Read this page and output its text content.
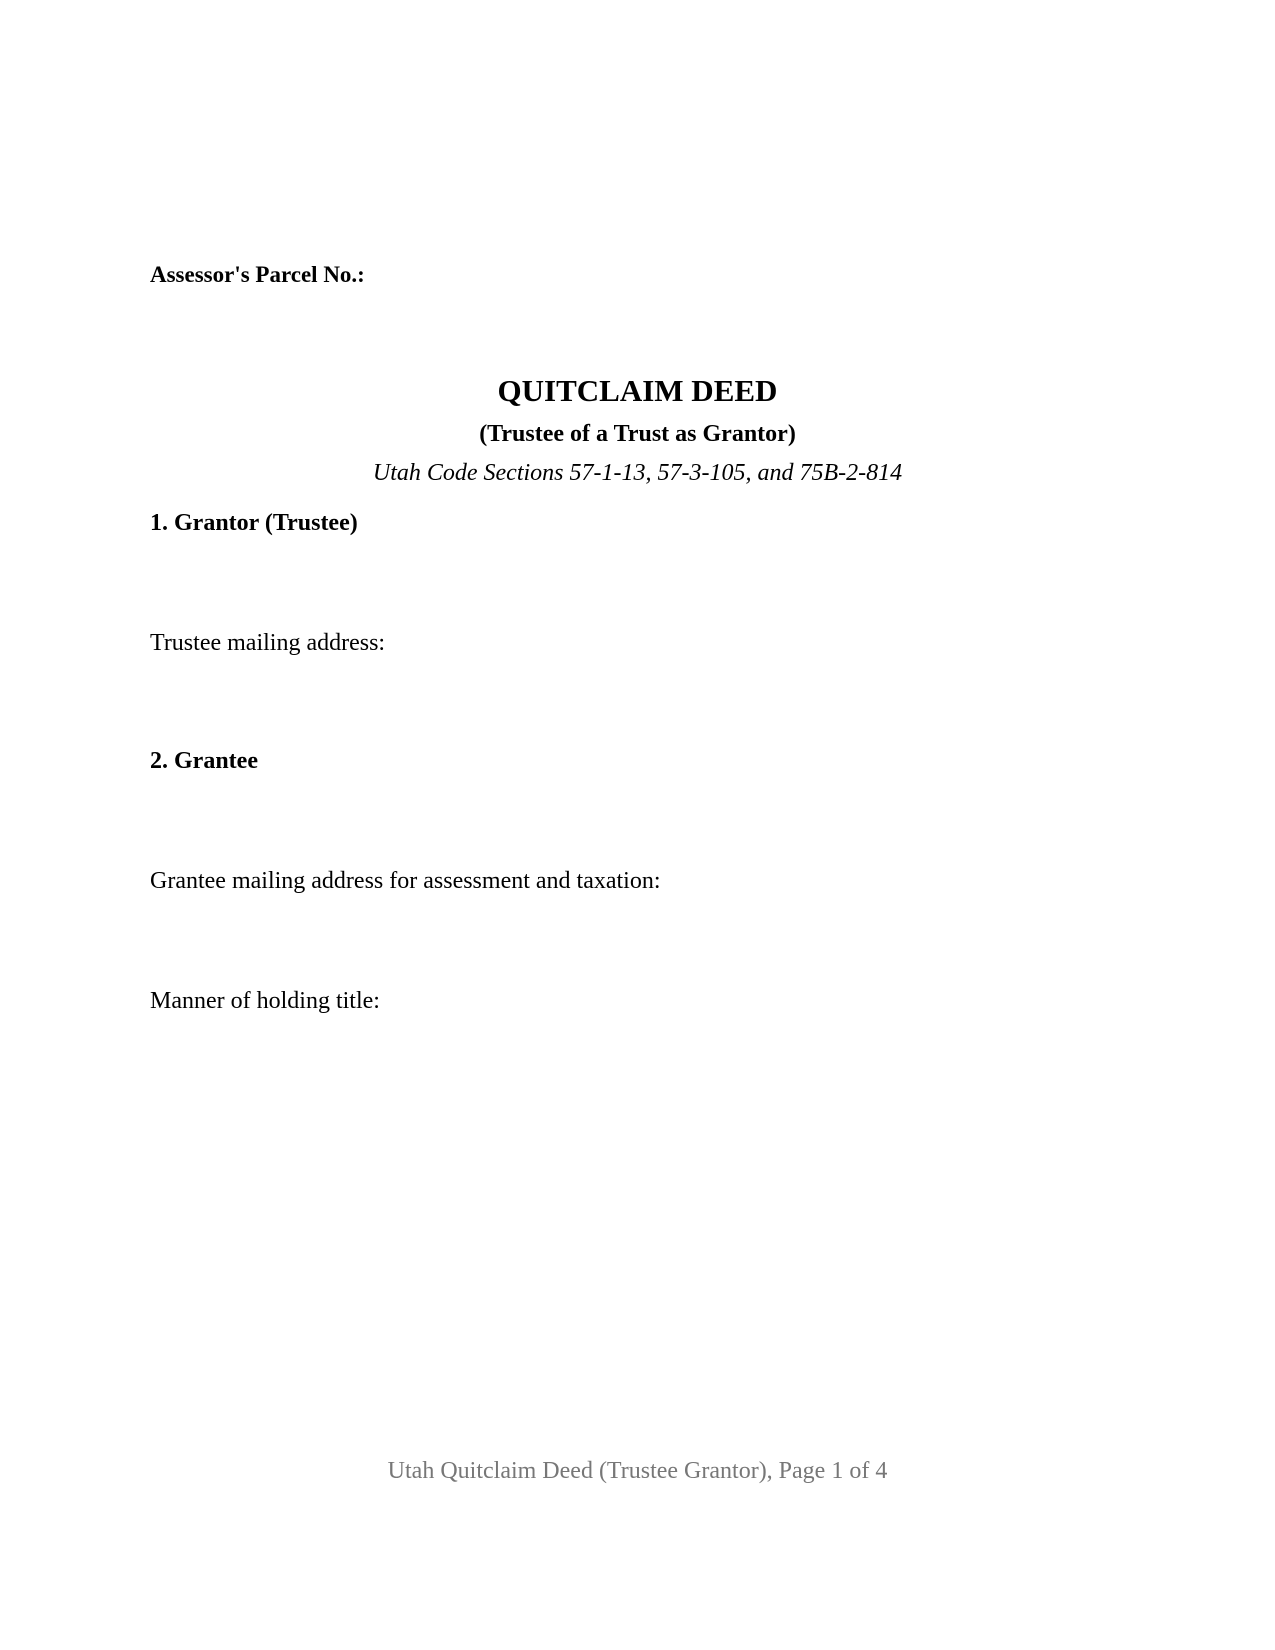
Assessor's Parcel No.:

QUITCLAIM DEED

(Trustee of a Trust as Grantor)

Utah Code Sections 57-1-13, 57-3-105, and 75B-2-814

1. Grantor (Trustee)

Trustee mailing address:

2. Grantee

Grantee mailing address for assessment and taxation:

Manner of holding title:

Utah Quitclaim Deed (Trustee Grantor), Page 1 of 4
